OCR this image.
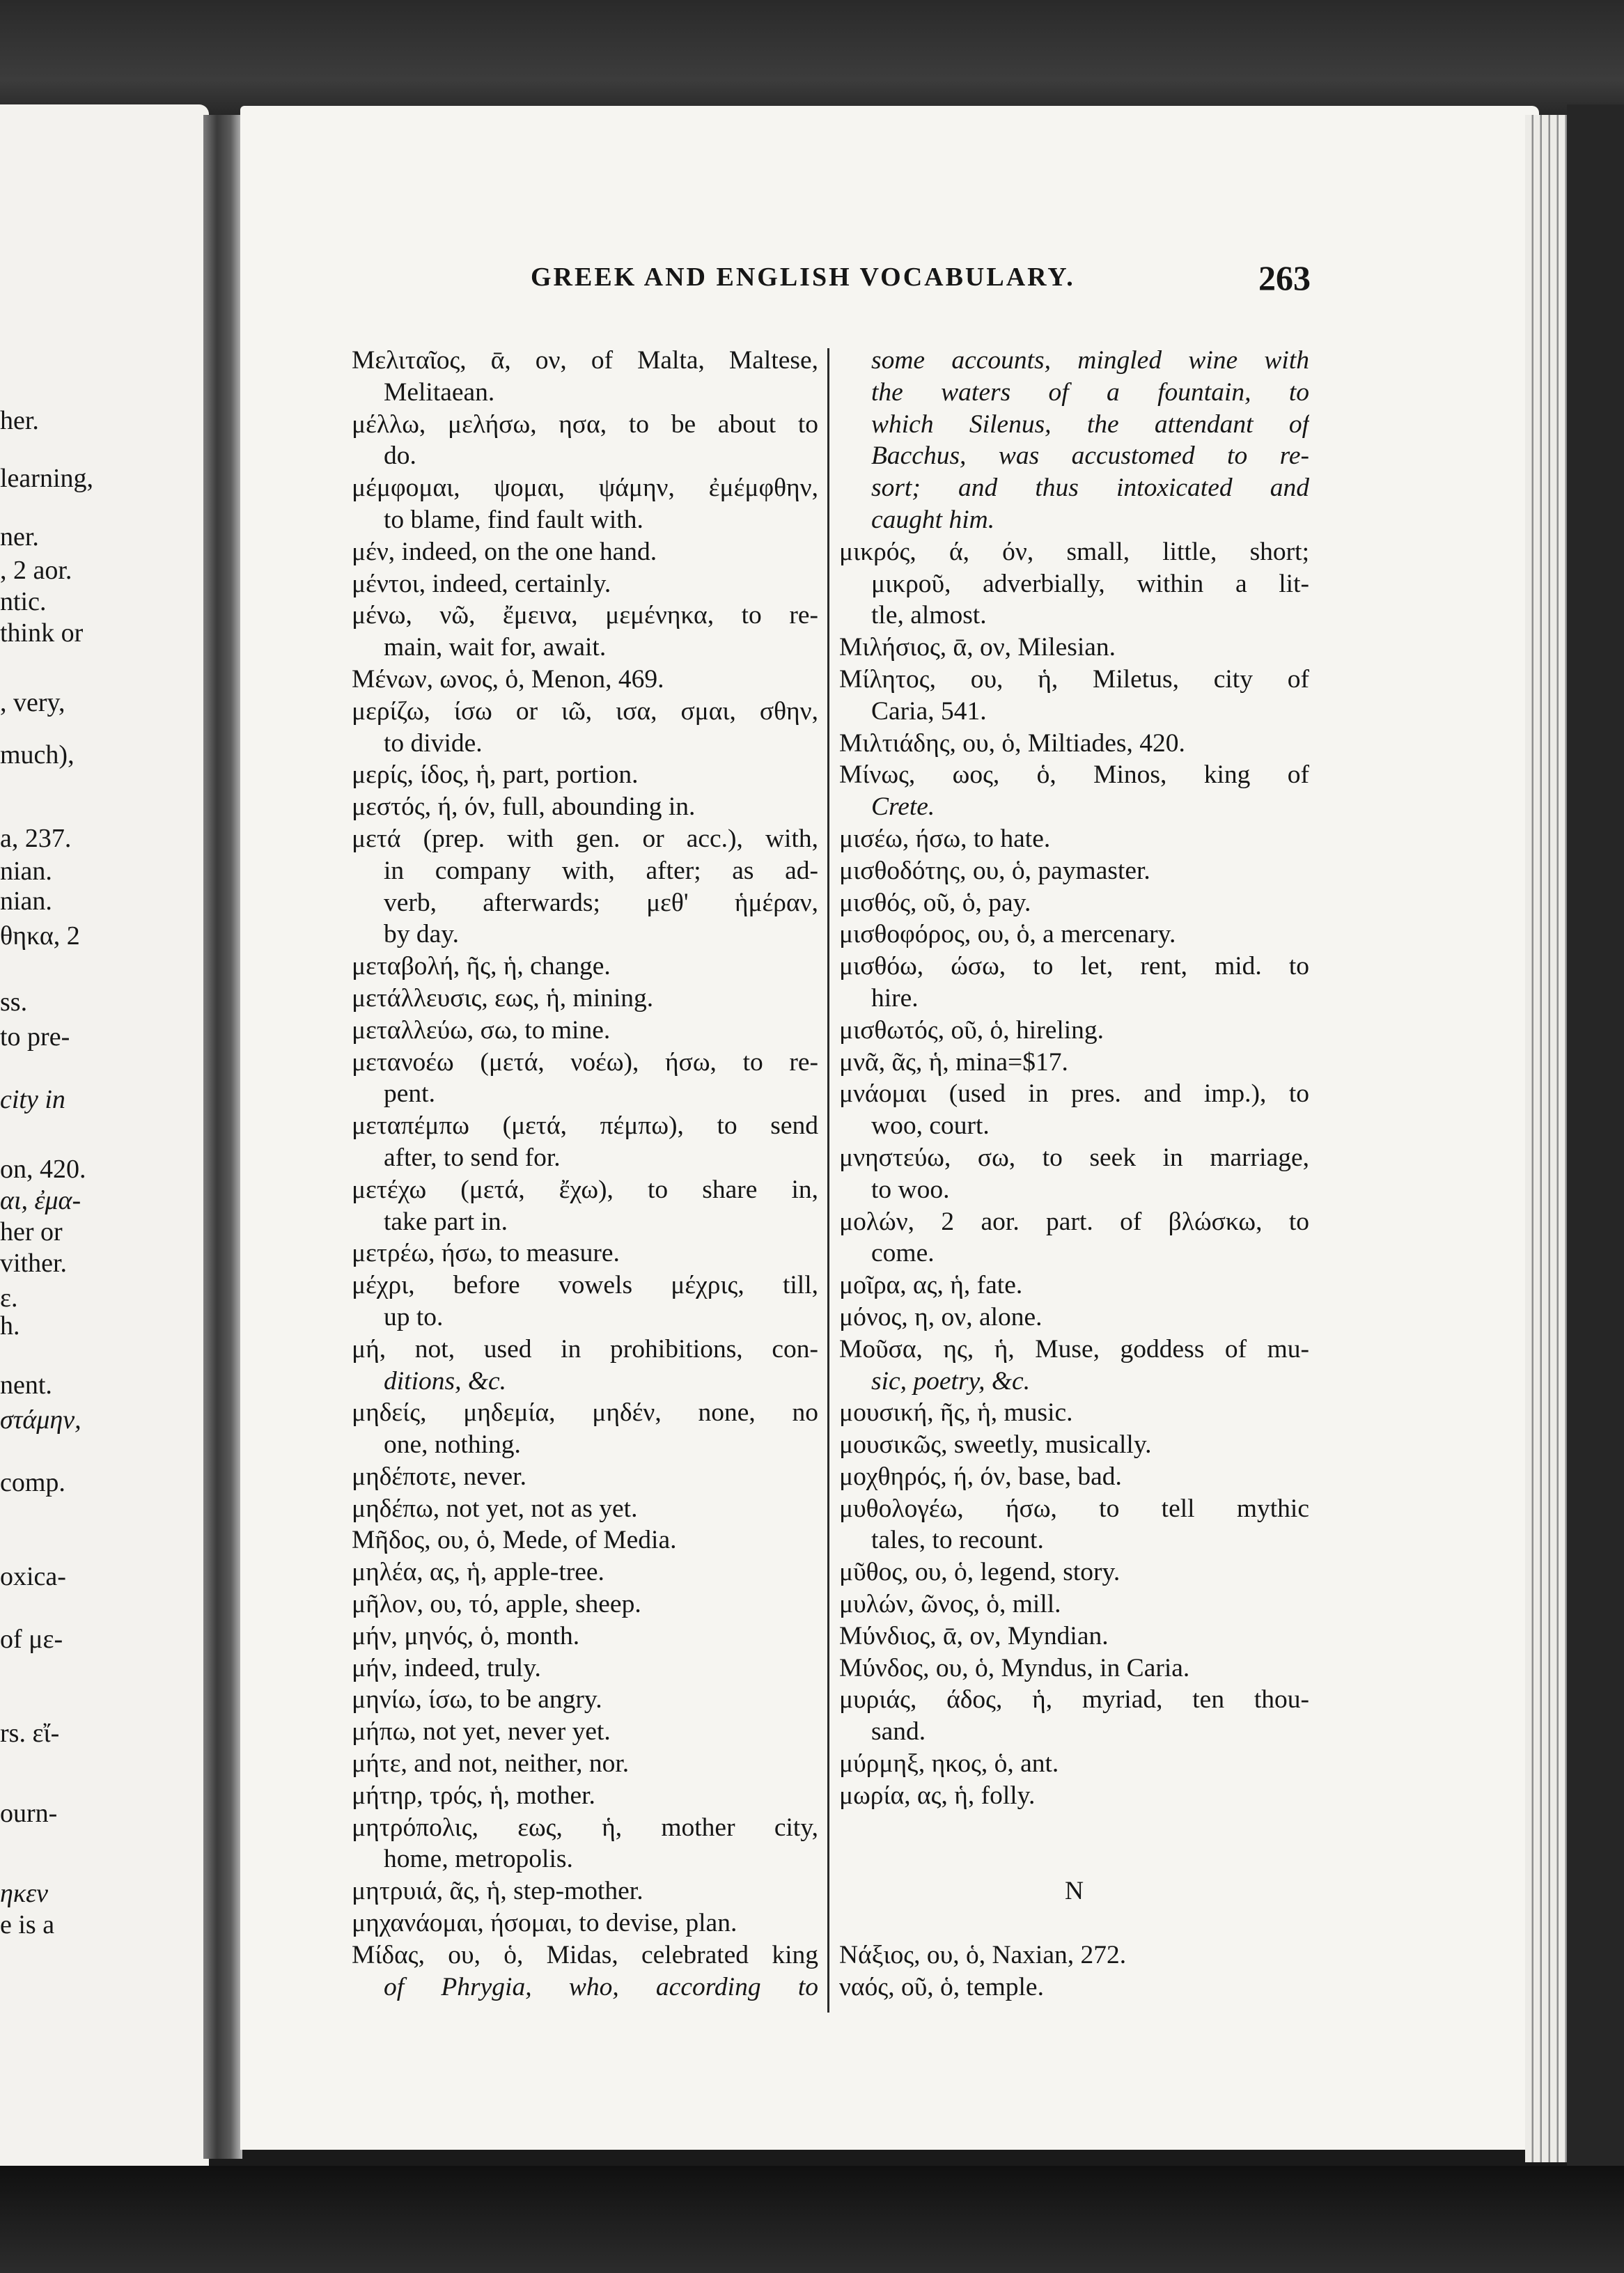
her.
learning,
ner.
, 2 aor.
ntic.
think or
, very,
much),
a, 237.
nian.
nian.
θηκα, 2
ss.
to pre-
city in
on, 420.
αι, ἐμα-
her or
vither.
ε.
h.
nent.
στάμην,
comp.
oxica-
of με-
rs. εἴ-
ourn-
ηκεν
e is a
GREEK AND ENGLISH VOCABULARY.	263
Μελιταῖος, ᾱ, ον, of Malta, Maltese,
Melitaean.
μέλλω, μελήσω, ησα, to be about to
do.
μέμφομαι, ψομαι, ψάμην, ἐμέμφθην,
to blame, find fault with.
μέν, indeed, on the one hand.
μέντοι, indeed, certainly.
μένω, νῶ, ἔμεινα, μεμένηκα, to re-
main, wait for, await.
Μένων, ωνος, ὁ, Menon, 469.
μερίζω, ίσω or ιῶ, ισα, σμαι, σθην,
to divide.
μερίς, ίδος, ἡ, part, portion.
μεστός, ή, όν, full, abounding in.
μετά (prep. with gen. or acc.), with,
in company with, after; as ad-
verb, afterwards; μεθ' ἡμέραν,
by day.
μεταβολή, ῆς, ἡ, change.
μετάλλευσις, εως, ἡ, mining.
μεταλλεύω, σω, to mine.
μετανοέω (μετά, νοέω), ήσω, to re-
pent.
μεταπέμπω (μετά, πέμπω), to send
after, to send for.
μετέχω (μετά, ἔχω), to share in,
take part in.
μετρέω, ήσω, to measure.
μέχρι, before vowels μέχρις, till,
up to.
μή, not, used in prohibitions, con-
ditions, &c.
μηδείς, μηδεμία, μηδέν, none, no
one, nothing.
μηδέποτε, never.
μηδέπω, not yet, not as yet.
Μῆδος, ου, ὁ, Mede, of Media.
μηλέα, ας, ἡ, apple-tree.
μῆλον, ου, τό, apple, sheep.
μήν, μηνός, ὁ, month.
μήν, indeed, truly.
μηνίω, ίσω, to be angry.
μήπω, not yet, never yet.
μήτε, and not, neither, nor.
μήτηρ, τρός, ἡ, mother.
μητρόπολις, εως, ἡ, mother city,
home, metropolis.
μητρυιά, ᾶς, ἡ, step-mother.
μηχανάομαι, ήσομαι, to devise, plan.
Μίδας, ου, ὁ, Midas, celebrated king
of Phrygia, who, according to
some accounts, mingled wine with
the waters of a fountain, to
which Silenus, the attendant of
Bacchus, was accustomed to re-
sort; and thus intoxicated and
caught him.
μικρός, ά, όν, small, little, short;
μικροῦ, adverbially, within a lit-
tle, almost.
Μιλήσιος, ᾱ, ον, Milesian.
Μίλητος, ου, ἡ, Miletus, city of
Caria, 541.
Μιλτιάδης, ου, ὁ, Miltiades, 420.
Μίνως, ωος, ὁ, Minos, king of
Crete.
μισέω, ήσω, to hate.
μισθοδότης, ου, ὁ, paymaster.
μισθός, οῦ, ὁ, pay.
μισθοφόρος, ου, ὁ, a mercenary.
μισθόω, ώσω, to let, rent, mid. to
hire.
μισθωτός, οῦ, ὁ, hireling.
μνᾶ, ᾶς, ἡ, mina=$17.
μνάομαι (used in pres. and imp.), to
woo, court.
μνηστεύω, σω, to seek in marriage,
to woo.
μολών, 2 aor. part. of βλώσκω, to
come.
μοῖρα, ας, ἡ, fate.
μόνος, η, ον, alone.
Μοῦσα, ης, ἡ, Muse, goddess of mu-
sic, poetry, &c.
μουσική, ῆς, ἡ, music.
μουσικῶς, sweetly, musically.
μοχθηρός, ή, όν, base, bad.
μυθολογέω, ήσω, to tell mythic
tales, to recount.
μῦθος, ου, ὁ, legend, story.
μυλών, ῶνος, ὁ, mill.
Μύνδιος, ᾱ, ον, Myndian.
Μύνδος, ου, ὁ, Myndus, in Caria.
μυριάς, άδος, ἡ, myriad, ten thou-
sand.
μύρμηξ, ηκος, ὁ, ant.
μωρία, ας, ἡ, folly.
N
Νάξιος, ου, ὁ, Naxian, 272.
ναός, οῦ, ὁ, temple.
